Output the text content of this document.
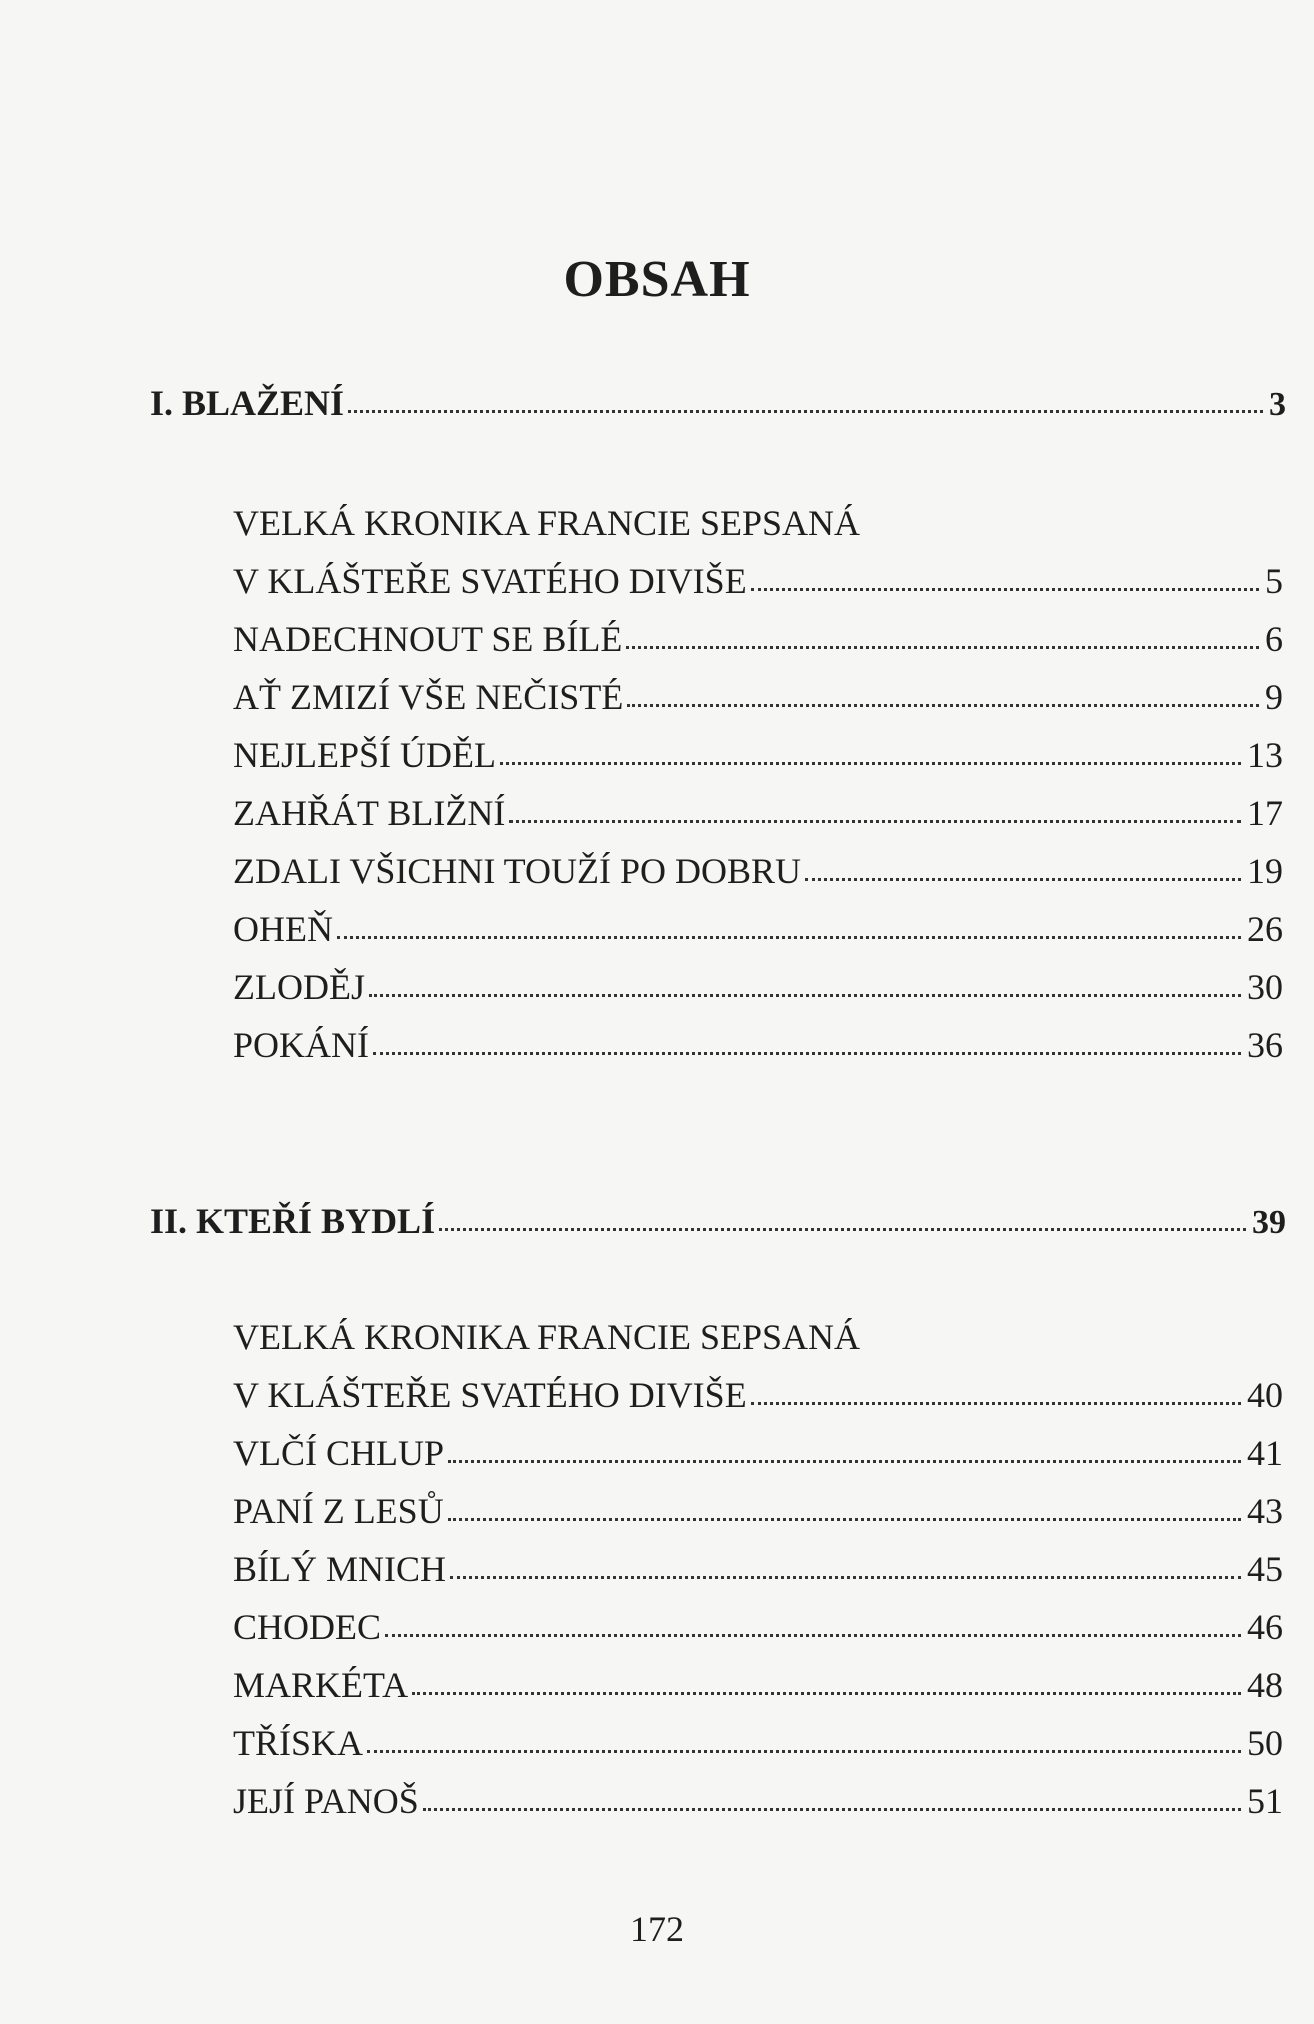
OBSAH
I. BLAŽENÍ	3
VELKÁ KRONIKA FRANCIE SEPSANÁ
V KLÁŠTEŘE SVATÉHO DIVIŠE	5
NADECHNOUT SE BÍLÉ	6
AŤ ZMIZÍ VŠE NEČISTÉ	9
NEJLEPŠÍ ÚDĚL	13
ZAHŘÁT BLIŽNÍ	17
ZDALI VŠICHNI TOUŽÍ PO DOBRU	19
OHEŇ	26
ZLODĚJ	30
POKÁNÍ	36
II. KTEŘÍ BYDLÍ	39
VELKÁ KRONIKA FRANCIE SEPSANÁ
V KLÁŠTEŘE SVATÉHO DIVIŠE	40
VLČÍ CHLUP	41
PANÍ Z LESŮ	43
BÍLÝ MNICH	45
CHODEC	46
MARKÉTA	48
TŘÍSKA	50
JEJÍ PANOŠ	51
172
